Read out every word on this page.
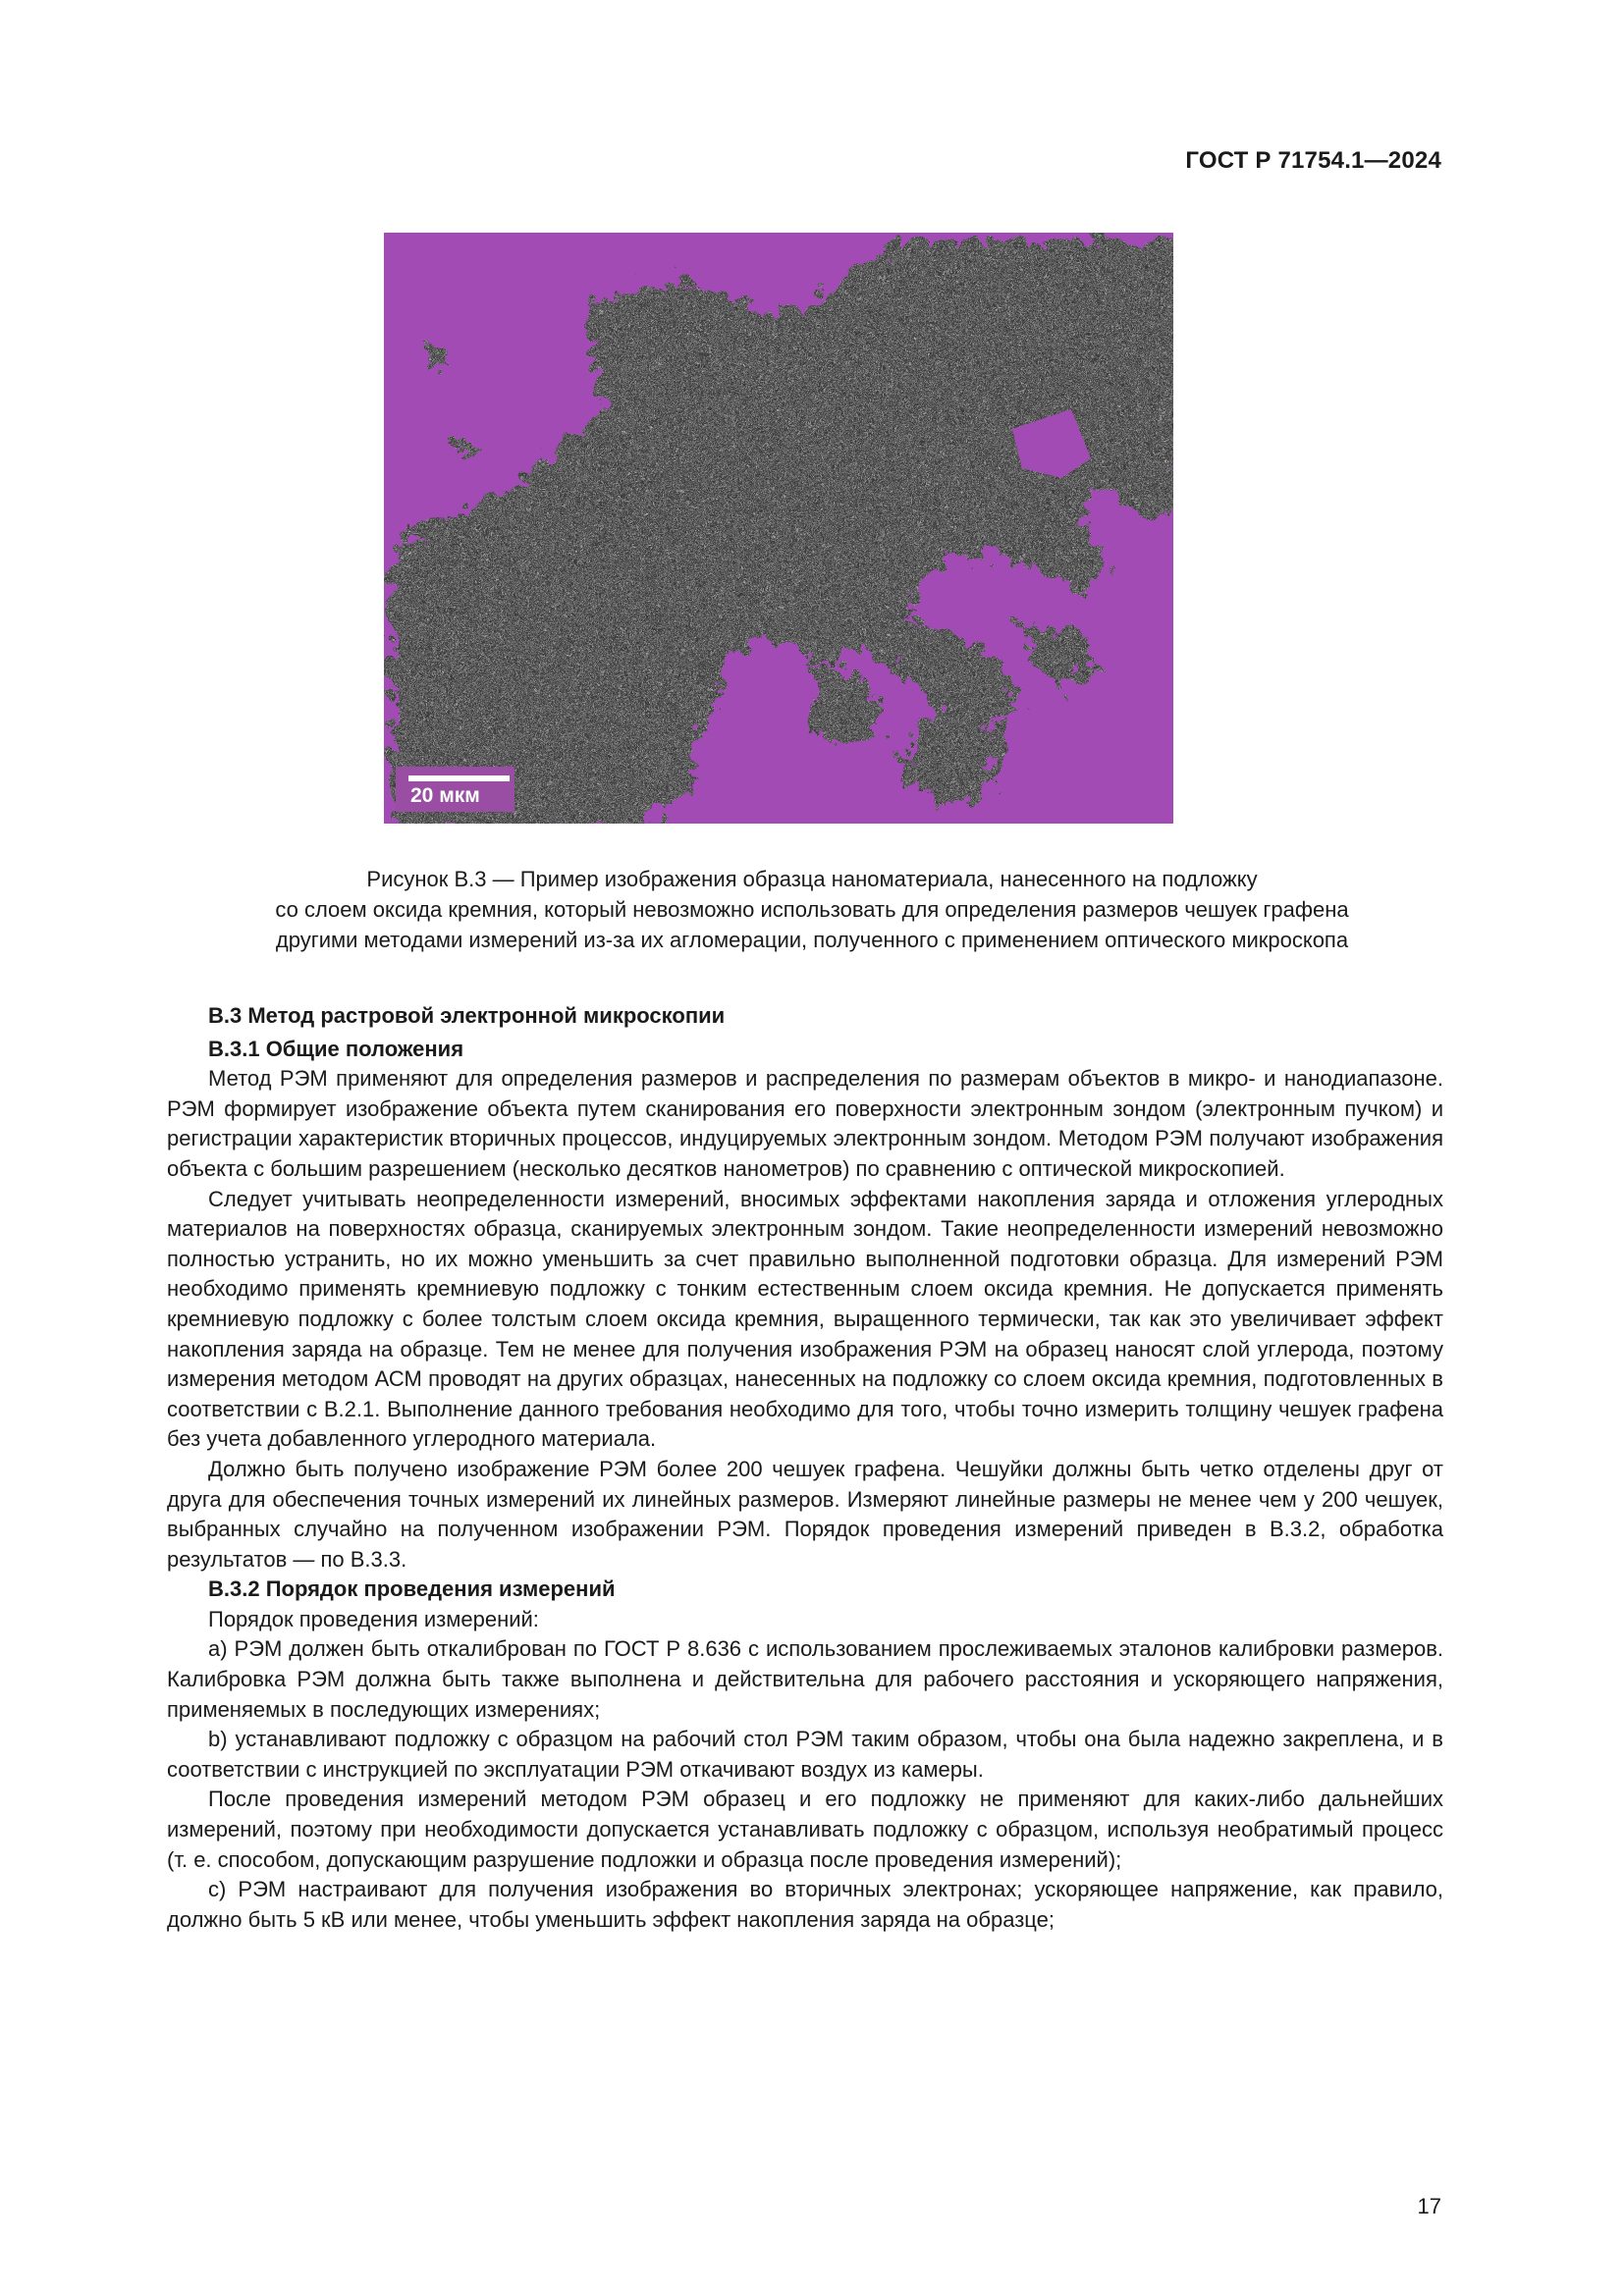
ГОСТ Р 71754.1—2024
20 мкм
Рисунок В.3 — Пример изображения образца наноматериала, нанесенного на подложку
со слоем оксида кремния, который невозможно использовать для определения размеров чешуек графена
другими методами измерений из-за их агломерации, полученного с применением оптического микроскопа
В.3 Метод растровой электронной микроскопии
В.3.1 Общие положения

Метод РЭМ применяют для определения размеров и распределения по размерам объектов в микро- и нанодиапазоне. РЭМ формирует изображение объекта путем сканирования его поверхности электронным зондом (электронным пучком) и регистрации характеристик вторичных процессов, индуцируемых электронным зондом. Методом РЭМ получают изображения объекта с большим разрешением (несколько десятков нанометров) по сравнению с оптической микроскопией.

Следует учитывать неопределенности измерений, вносимых эффектами накопления заряда и отложения углеродных материалов на поверхностях образца, сканируемых электронным зондом. Такие неопределенности измерений невозможно полностью устранить, но их можно уменьшить за счет правильно выполненной подготовки образца. Для измерений РЭМ необходимо применять кремниевую подложку с тонким естественным слоем оксида кремния. Не допускается применять кремниевую подложку с более толстым слоем оксида кремния, выращенного термически, так как это увеличивает эффект накопления заряда на образце. Тем не менее для получения изображения РЭМ на образец наносят слой углерода, поэтому измерения методом АСМ проводят на других образцах, нанесенных на подложку со слоем оксида кремния, подготовленных в соответствии с В.2.1. Выполнение данного требования необходимо для того, чтобы точно измерить толщину чешуек графена без учета добавленного углеродного материала.

Должно быть получено изображение РЭМ более 200 чешуек графена. Чешуйки должны быть четко отделены друг от друга для обеспечения точных измерений их линейных размеров. Измеряют линейные размеры не менее чем у 200 чешуек, выбранных случайно на полученном изображении РЭМ. Порядок проведения измерений приведен в В.3.2, обработка результатов — по В.3.3.

В.3.2 Порядок проведения измерений

Порядок проведения измерений:

а) РЭМ должен быть откалиброван по ГОСТ Р 8.636 с использованием прослеживаемых эталонов калибровки размеров. Калибровка РЭМ должна быть также выполнена и действительна для рабочего расстояния и ускоряющего напряжения, применяемых в последующих измерениях;

b) устанавливают подложку с образцом на рабочий стол РЭМ таким образом, чтобы она была надежно закреплена, и в соответствии с инструкцией по эксплуатации РЭМ откачивают воздух из камеры.

После проведения измерений методом РЭМ образец и его подложку не применяют для каких-либо дальнейших измерений, поэтому при необходимости допускается устанавливать подложку с образцом, используя необратимый процесс (т. е. способом, допускающим разрушение подложки и образца после проведения измерений);

c) РЭМ настраивают для получения изображения во вторичных электронах; ускоряющее напряжение, как правило, должно быть 5 кВ или менее, чтобы уменьшить эффект накопления заряда на образце;

17
